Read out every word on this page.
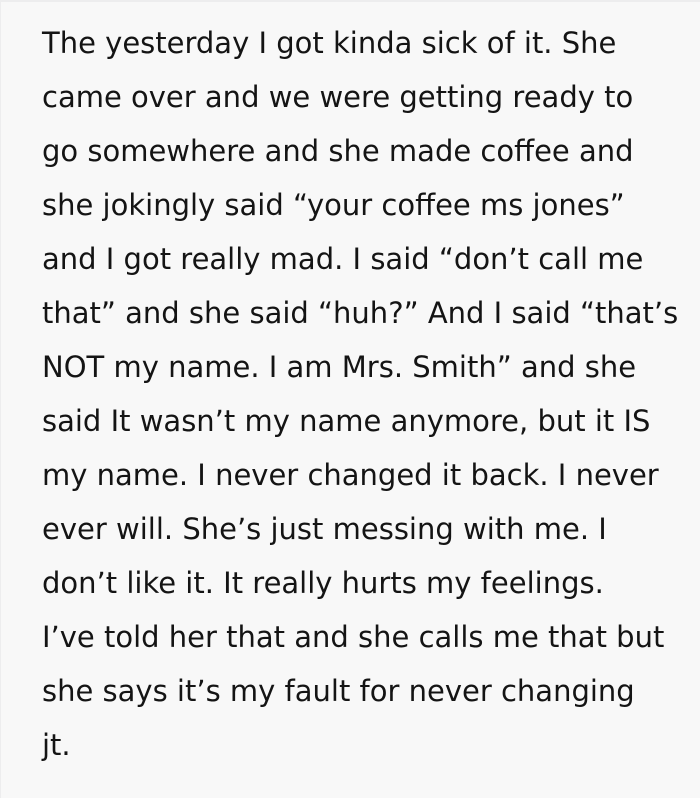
The yesterday I got kinda sick of it. She
came over and we were getting ready to
go somewhere and she made coffee and
she jokingly said “your coffee ms jones”
and I got really mad. I said “don’t call me
that” and she said “huh?” And I said “that’s
NOT my name. I am Mrs. Smith” and she
said It wasn’t my name anymore, but it IS
my name. I never changed it back. I never
ever will. She’s just messing with me. I
don’t like it. It really hurts my feelings.
I’ve told her that and she calls me that but
she says it’s my fault for never changing
jt.
